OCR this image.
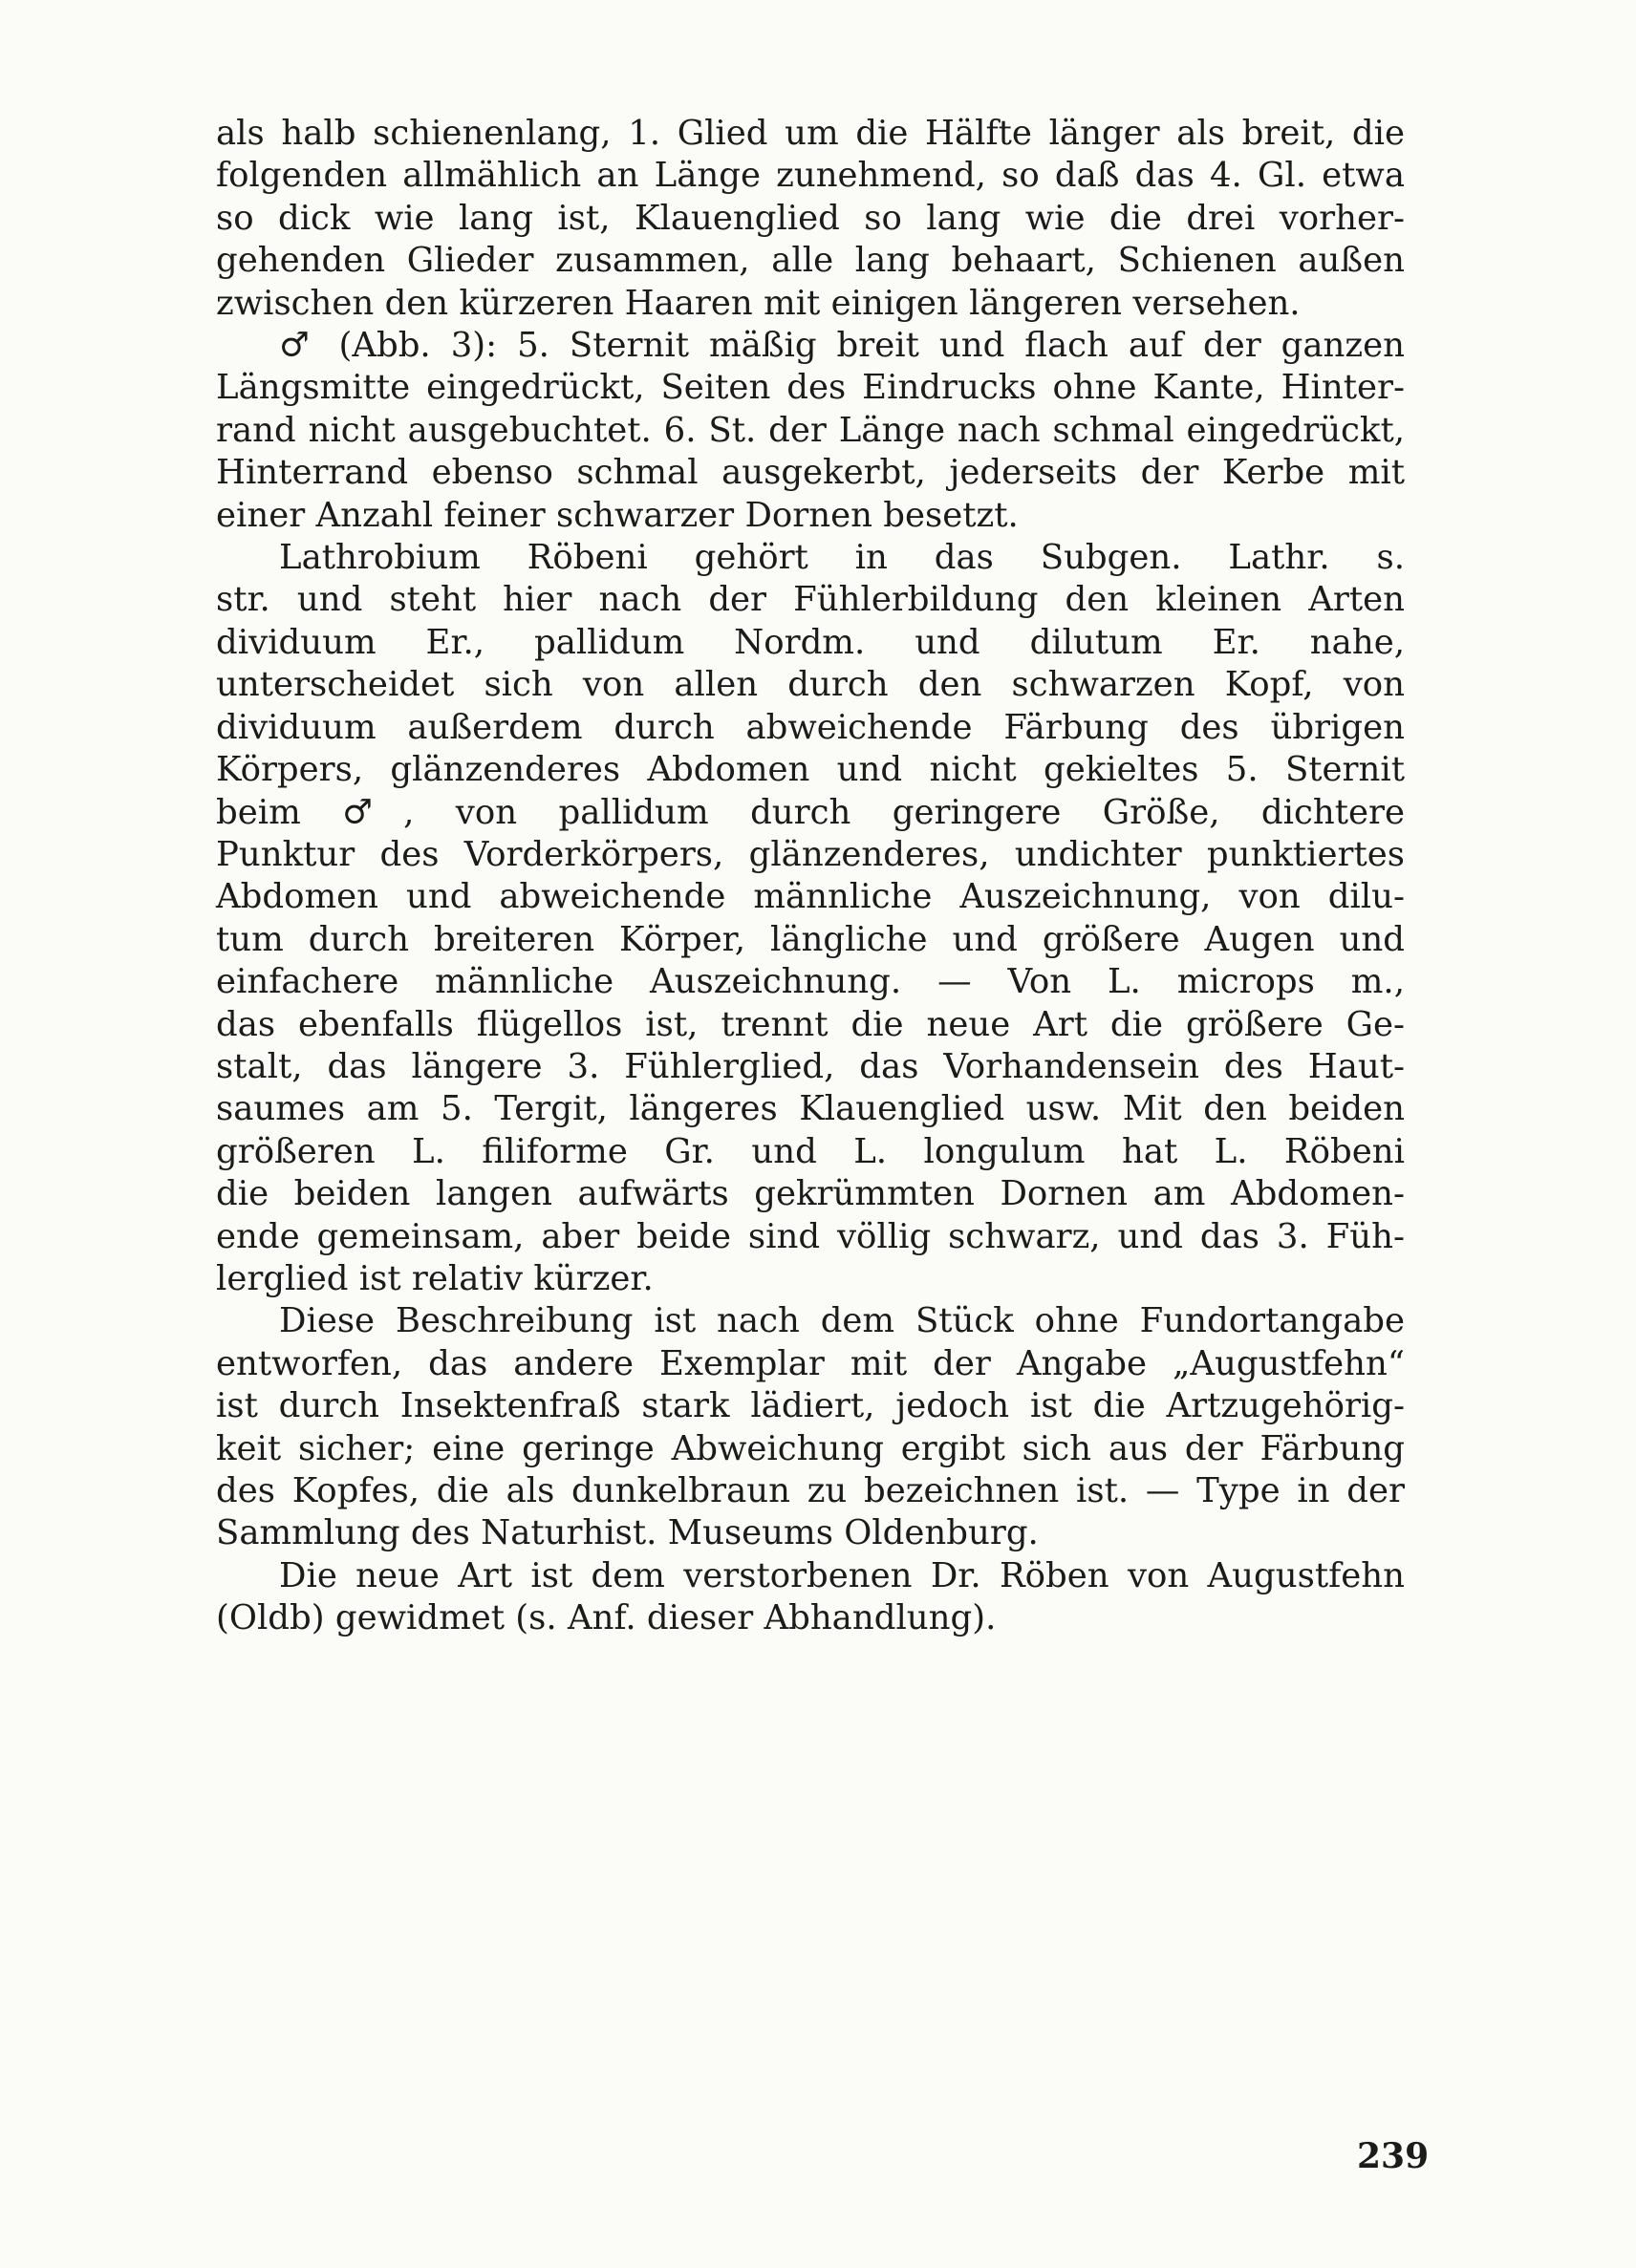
als halb schienenlang, 1. Glied um die Hälfte länger als breit, die
folgenden allmählich an Länge zunehmend, so daß das 4. Gl. etwa
so dick wie lang ist, Klauenglied so lang wie die drei vorher-
gehenden Glieder zusammen, alle lang behaart, Schienen außen
zwischen den kürzeren Haaren mit einigen längeren versehen.

♂ (Abb. 3): 5. Sternit mäßig breit und flach auf der ganzen
Längsmitte eingedrückt, Seiten des Eindrucks ohne Kante, Hinter-
rand nicht ausgebuchtet. 6. St. der Länge nach schmal eingedrückt,
Hinterrand ebenso schmal ausgekerbt, jederseits der Kerbe mit
einer Anzahl feiner schwarzer Dornen besetzt.

Lathrobium Röbeni gehört in das Subgen. Lathr. s.
str. und steht hier nach der Fühlerbildung den kleinen Arten
dividuum Er., pallidum Nordm. und dilutum Er. nahe,
unterscheidet sich von allen durch den schwarzen Kopf, von
dividuum außerdem durch abweichende Färbung des übrigen
Körpers, glänzenderes Abdomen und nicht gekieltes 5. Sternit
beim ♂, von pallidum durch geringere Größe, dichtere
Punktur des Vorderkörpers, glänzenderes, undichter punktiertes
Abdomen und abweichende männliche Auszeichnung, von dilu-
tum durch breiteren Körper, längliche und größere Augen und
einfachere männliche Auszeichnung. — Von L. microps m.,
das ebenfalls flügellos ist, trennt die neue Art die größere Ge-
stalt, das längere 3. Fühlerglied, das Vorhandensein des Haut-
saumes am 5. Tergit, längeres Klauenglied usw. Mit den beiden
größeren L. filiforme Gr. und L. longulum hat L. Röbeni
die beiden langen aufwärts gekrümmten Dornen am Abdomen-
ende gemeinsam, aber beide sind völlig schwarz, und das 3. Füh-
lerglied ist relativ kürzer.

Diese Beschreibung ist nach dem Stück ohne Fundortangabe
entworfen, das andere Exemplar mit der Angabe „Augustfehn“
ist durch Insektenfraß stark lädiert, jedoch ist die Artzugehörig-
keit sicher; eine geringe Abweichung ergibt sich aus der Färbung
des Kopfes, die als dunkelbraun zu bezeichnen ist. — Type in der
Sammlung des Naturhist. Museums Oldenburg.

Die neue Art ist dem verstorbenen Dr. Röben von Augustfehn
(Oldb) gewidmet (s. Anf. dieser Abhandlung).

239
